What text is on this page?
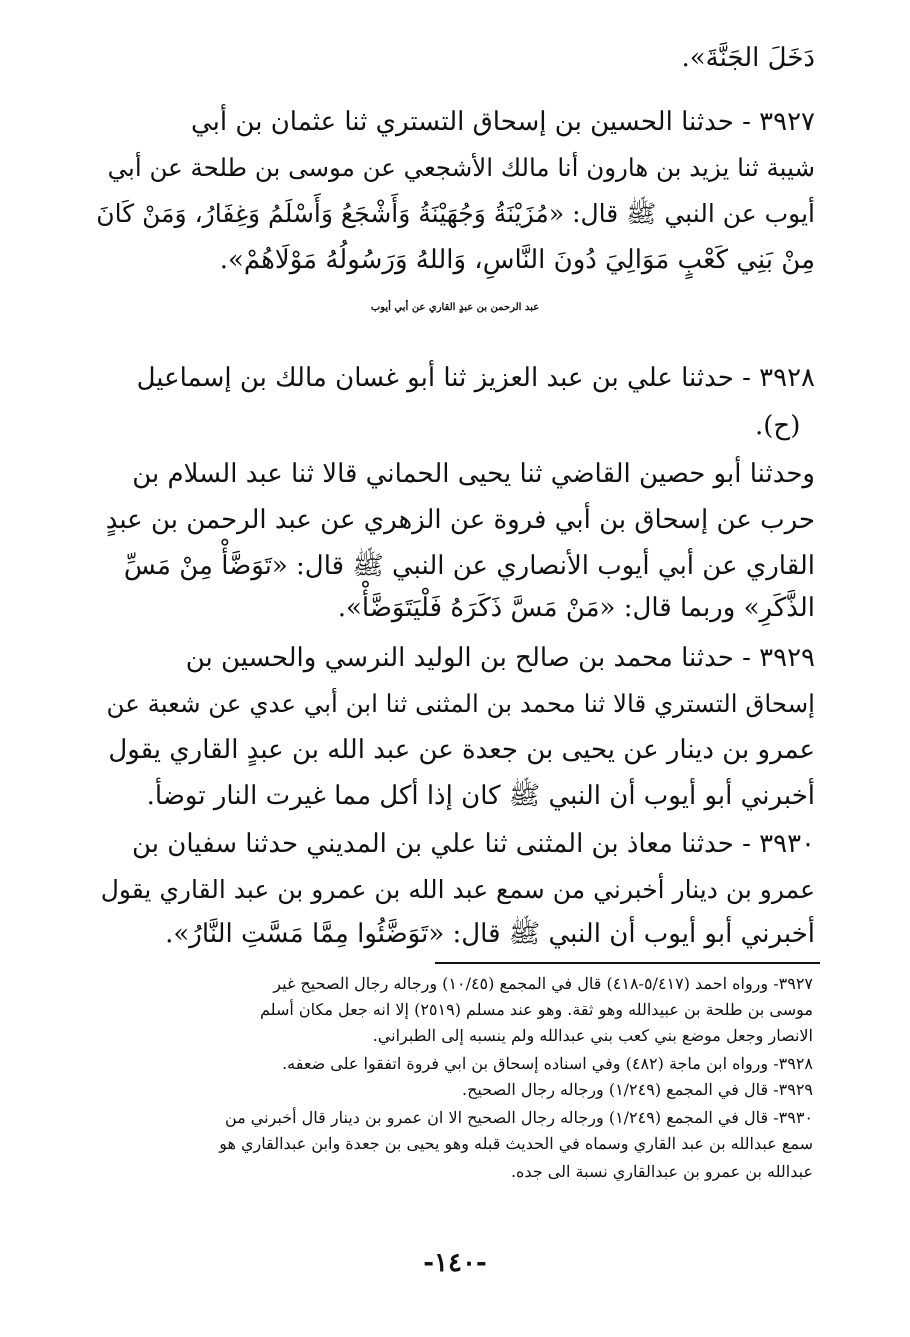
دَخَلَ الجَنَّةَ».
٣٩٢٧ - حدثنا الحسين بن إسحاق التستري ثنا عثمان بن أبي
شيبة ثنا يزيد بن هارون أنا مالك الأشجعي عن موسى بن طلحة عن أبي
أيوب عن النبي ﷺ قال: «مُزَيْنَةُ وَجُهَيْنَةُ وَأَشْجَعُ وَأَسْلَمُ وَغِفَارُ، وَمَنْ كَانَ
مِنْ بَنِي كَعْبٍ مَوَالِيَ دُونَ النَّاسِ، وَاللهُ وَرَسُولُهُ مَوْلَاهُمْ».
عبد الرحمن بن عبدٍ القاري عن أبي أيوب
٣٩٢٨ - حدثنا علي بن عبد العزيز ثنا أبو غسان مالك بن إسماعيل
(ح).
وحدثنا أبو حصين القاضي ثنا يحيى الحماني قالا ثنا عبد السلام بن
حرب عن إسحاق بن أبي فروة عن الزهري عن عبد الرحمن بن عبدٍ
القاري عن أبي أيوب الأنصاري عن النبي ﷺ قال: «تَوَضَّأْ مِنْ مَسِّ
الذَّكَرِ» وربما قال: «مَنْ مَسَّ ذَكَرَهُ فَلْيَتَوَضَّأْ».
٣٩٢٩ - حدثنا محمد بن صالح بن الوليد النرسي والحسين بن
إسحاق التستري قالا ثنا محمد بن المثنى ثنا ابن أبي عدي عن شعبة عن
عمرو بن دينار عن يحيى بن جعدة عن عبد الله بن عبدٍ القاري يقول
أخبرني أبو أيوب أن النبي ﷺ كان إذا أكل مما غيرت النار توضأ.
٣٩٣٠ - حدثنا معاذ بن المثنى ثنا علي بن المديني حدثنا سفيان بن
عمرو بن دينار أخبرني من سمع عبد الله بن عمرو بن عبد القاري يقول
أخبرني أبو أيوب أن النبي ﷺ قال: «تَوَضَّئُوا مِمَّا مَسَّتِ النَّارُ».
٣٩٢٧- ورواه احمد (٥/٤١٧-٤١٨) قال في المجمع (١٠/٤٥) ورجاله رجال الصحيح غير
موسى بن طلحة بن عبيدالله وهو ثقة. وهو عند مسلم (٢٥١٩) إلا انه جعل مكان أسلم
الانصار وجعل موضع بني كعب بني عبدالله ولم ينسبه إلى الطبراني.
٣٩٢٨- ورواه ابن ماجة (٤٨٢) وفي اسناده إسحاق بن ابي فروة اتفقوا على ضعفه.
٣٩٢٩- قال في المجمع (١/٢٤٩) ورجاله رجال الصحيح.
٣٩٣٠- قال في المجمع (١/٢٤٩) ورجاله رجال الصحيح الا ان عمرو بن دينار قال أخبرني من
سمع عبدالله بن عبد القاري وسماه في الحديث قبله وهو يحيى بن جعدة وابن عبدالقاري هو
عبدالله بن عمرو بن عبدالقاري نسبة الى جده.
-١٤٠-
